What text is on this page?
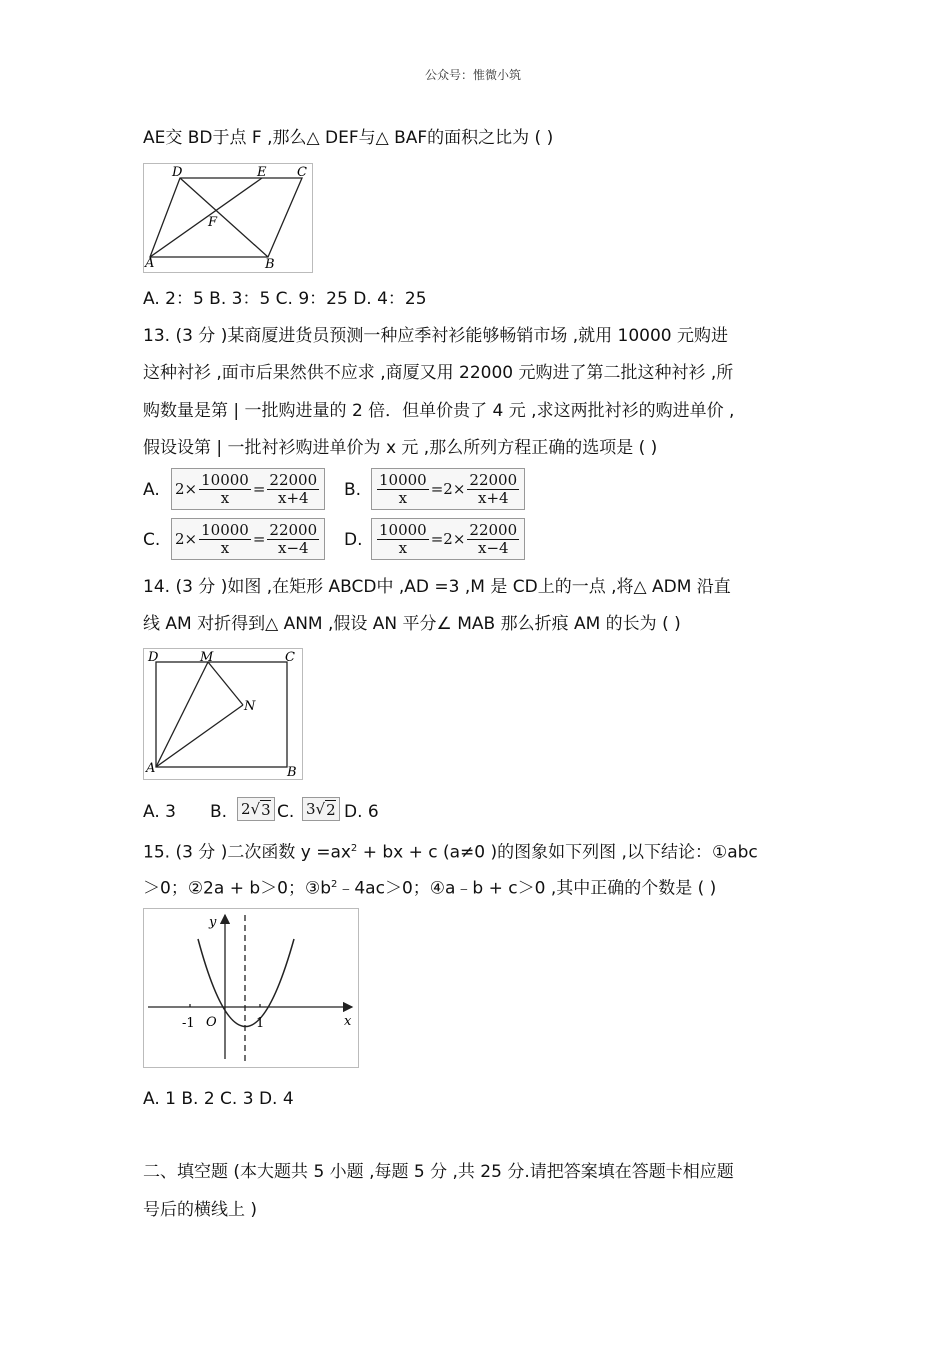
公众号：惟微小筑
AE交 BD于点 F ,那么△ DEF与△ BAF的面积之比为 ( )
D	E C
F
A	B
A. 2：5 B. 3：5 C. 9：25 D. 4：25
13. (3 分 )某商厦进货员预测一种应季衬衫能够畅销市场 ,就用 10000 元购进
这种衬衫 ,面市后果然供不应求 ,商厦又用 22000 元购进了第二批这种衬衫 ,所
购数量是第 | 一批购进量的 2 倍．但单价贵了 4 元 ,求这两批衬衫的购进单价 ,
假设设第 | 一批衬衫购进单价为 x 元 ,那么所列方程正确的选项是 ( )
A. $2 \times \frac{10000}{x} = \frac{22000}{x+4} B$. $\frac{10000}{x} =2 \times \frac{22000}{x+4}$
C. $2 \times \frac{10000}{x} = \frac{22000}{x-4} D$. $\frac{10000}{x} =2 \times \frac{22000}{x-4}$
14. (3 分 )如图 ,在矩形 ABCD中 ,AD =3 ,M 是 CD上的一点 ,将△ ADM 沿直
线 AM 对折得到△ ANM ,假设 AN 平分∠ MAB 那么折痕 AM 的长为 ( )
D	M	C
N
A	B
A. 3 B. 2 √ 3 C. 3 √ 2 D. 6
15. (3 分 )二次函数 $y =ax^2$ + bx + c (a≠0 )的图象如下列图 ,以下结论：①abc
＞0；②2a + b＞0；$③b^2﹣4ac>0$；④a﹣b + c＞0 ,其中正确的个数是 ( )
y
x
O
-1	1
A. 1 B. 2 C. 3 D. 4
二、填空题 (本大题共 5 小题 ,每题 5 分 ,共 25 分.请把答案填在答题卡相应题
号后的横线上 )
